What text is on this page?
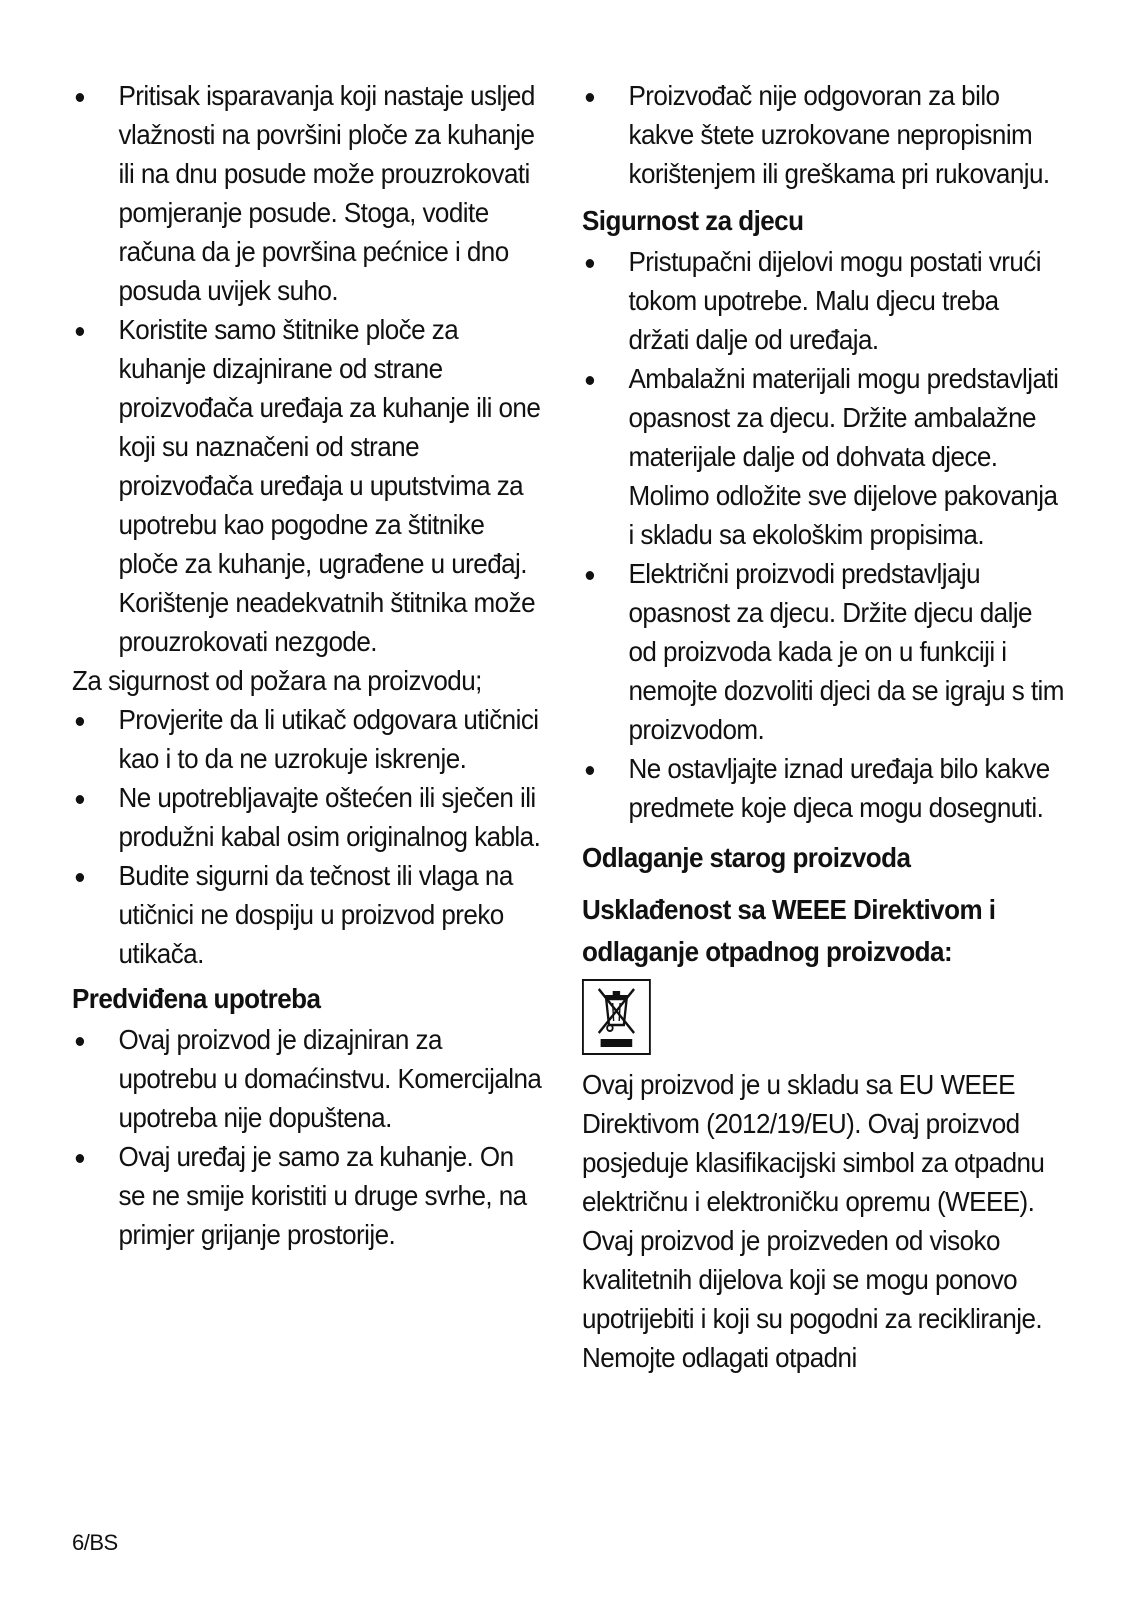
Pritisak isparavanja koji nastaje usljed vlažnosti na površini ploče za kuhanje ili na dnu posude može prouzrokovati pomjeranje posude. Stoga, vodite računa da je površina pećnice i dno posuda uvijek suho.
Koristite samo štitnike ploče za kuhanje dizajnirane od strane proizvođača uređaja za kuhanje ili one koji su naznačeni od strane proizvođača uređaja u uputstvima za upotrebu kao pogodne za štitnike ploče za kuhanje, ugrađene u uređaj. Korištenje neadekvatnih štitnika može prouzrokovati nezgode.

Za sigurnost od požara na proizvodu;

Provjerite da li utikač odgovara utičnici kao i to da ne uzrokuje iskrenje.
Ne upotrebljavajte oštećen ili sječen ili produžni kabal osim originalnog kabla.
Budite sigurni da tečnost ili vlaga na utičnici ne dospiju u proizvod preko utikača.
Predviđena upotreba
Ovaj proizvod je dizajniran za upotrebu u domaćinstvu. Komercijalna upotreba nije dopuštena.
Ovaj uređaj je samo za kuhanje. On se ne smije koristiti u druge svrhe, na primjer grijanje prostorije.
Proizvođač nije odgovoran za bilo kakve štete uzrokovane nepropisnim korištenjem ili greškama pri rukovanju.
Sigurnost za djecu
Pristupačni dijelovi mogu postati vrući tokom upotrebe. Malu djecu treba držati dalje od uređaja.
Ambalažni materijali mogu predstavljati opasnost za djecu. Držite ambalažne materijale dalje od dohvata djece. Molimo odložite sve dijelove pakovanja i skladu sa ekološkim propisima.
Električni proizvodi predstavljaju opasnost za djecu. Držite djecu dalje od proizvoda kada je on u funkciji i nemojte dozvoliti djeci da se igraju s tim proizvodom.
Ne ostavljajte iznad uređaja bilo kakve predmete koje djeca mogu dosegnuti.
Odlaganje starog proizvoda
Usklađenost sa WEEE Direktivom i odlaganje otpadnog proizvoda:

Ovaj proizvod je u skladu sa EU WEEE Direktivom (2012/19/EU). Ovaj proizvod posjeduje klasifikacijski simbol za otpadnu električnu i elektroničku opremu (WEEE).

Ovaj proizvod je proizveden od visoko kvalitetnih dijelova koji se mogu ponovo upotrijebiti i koji su pogodni za recikliranje. Nemojte odlagati otpadni

6/BS
